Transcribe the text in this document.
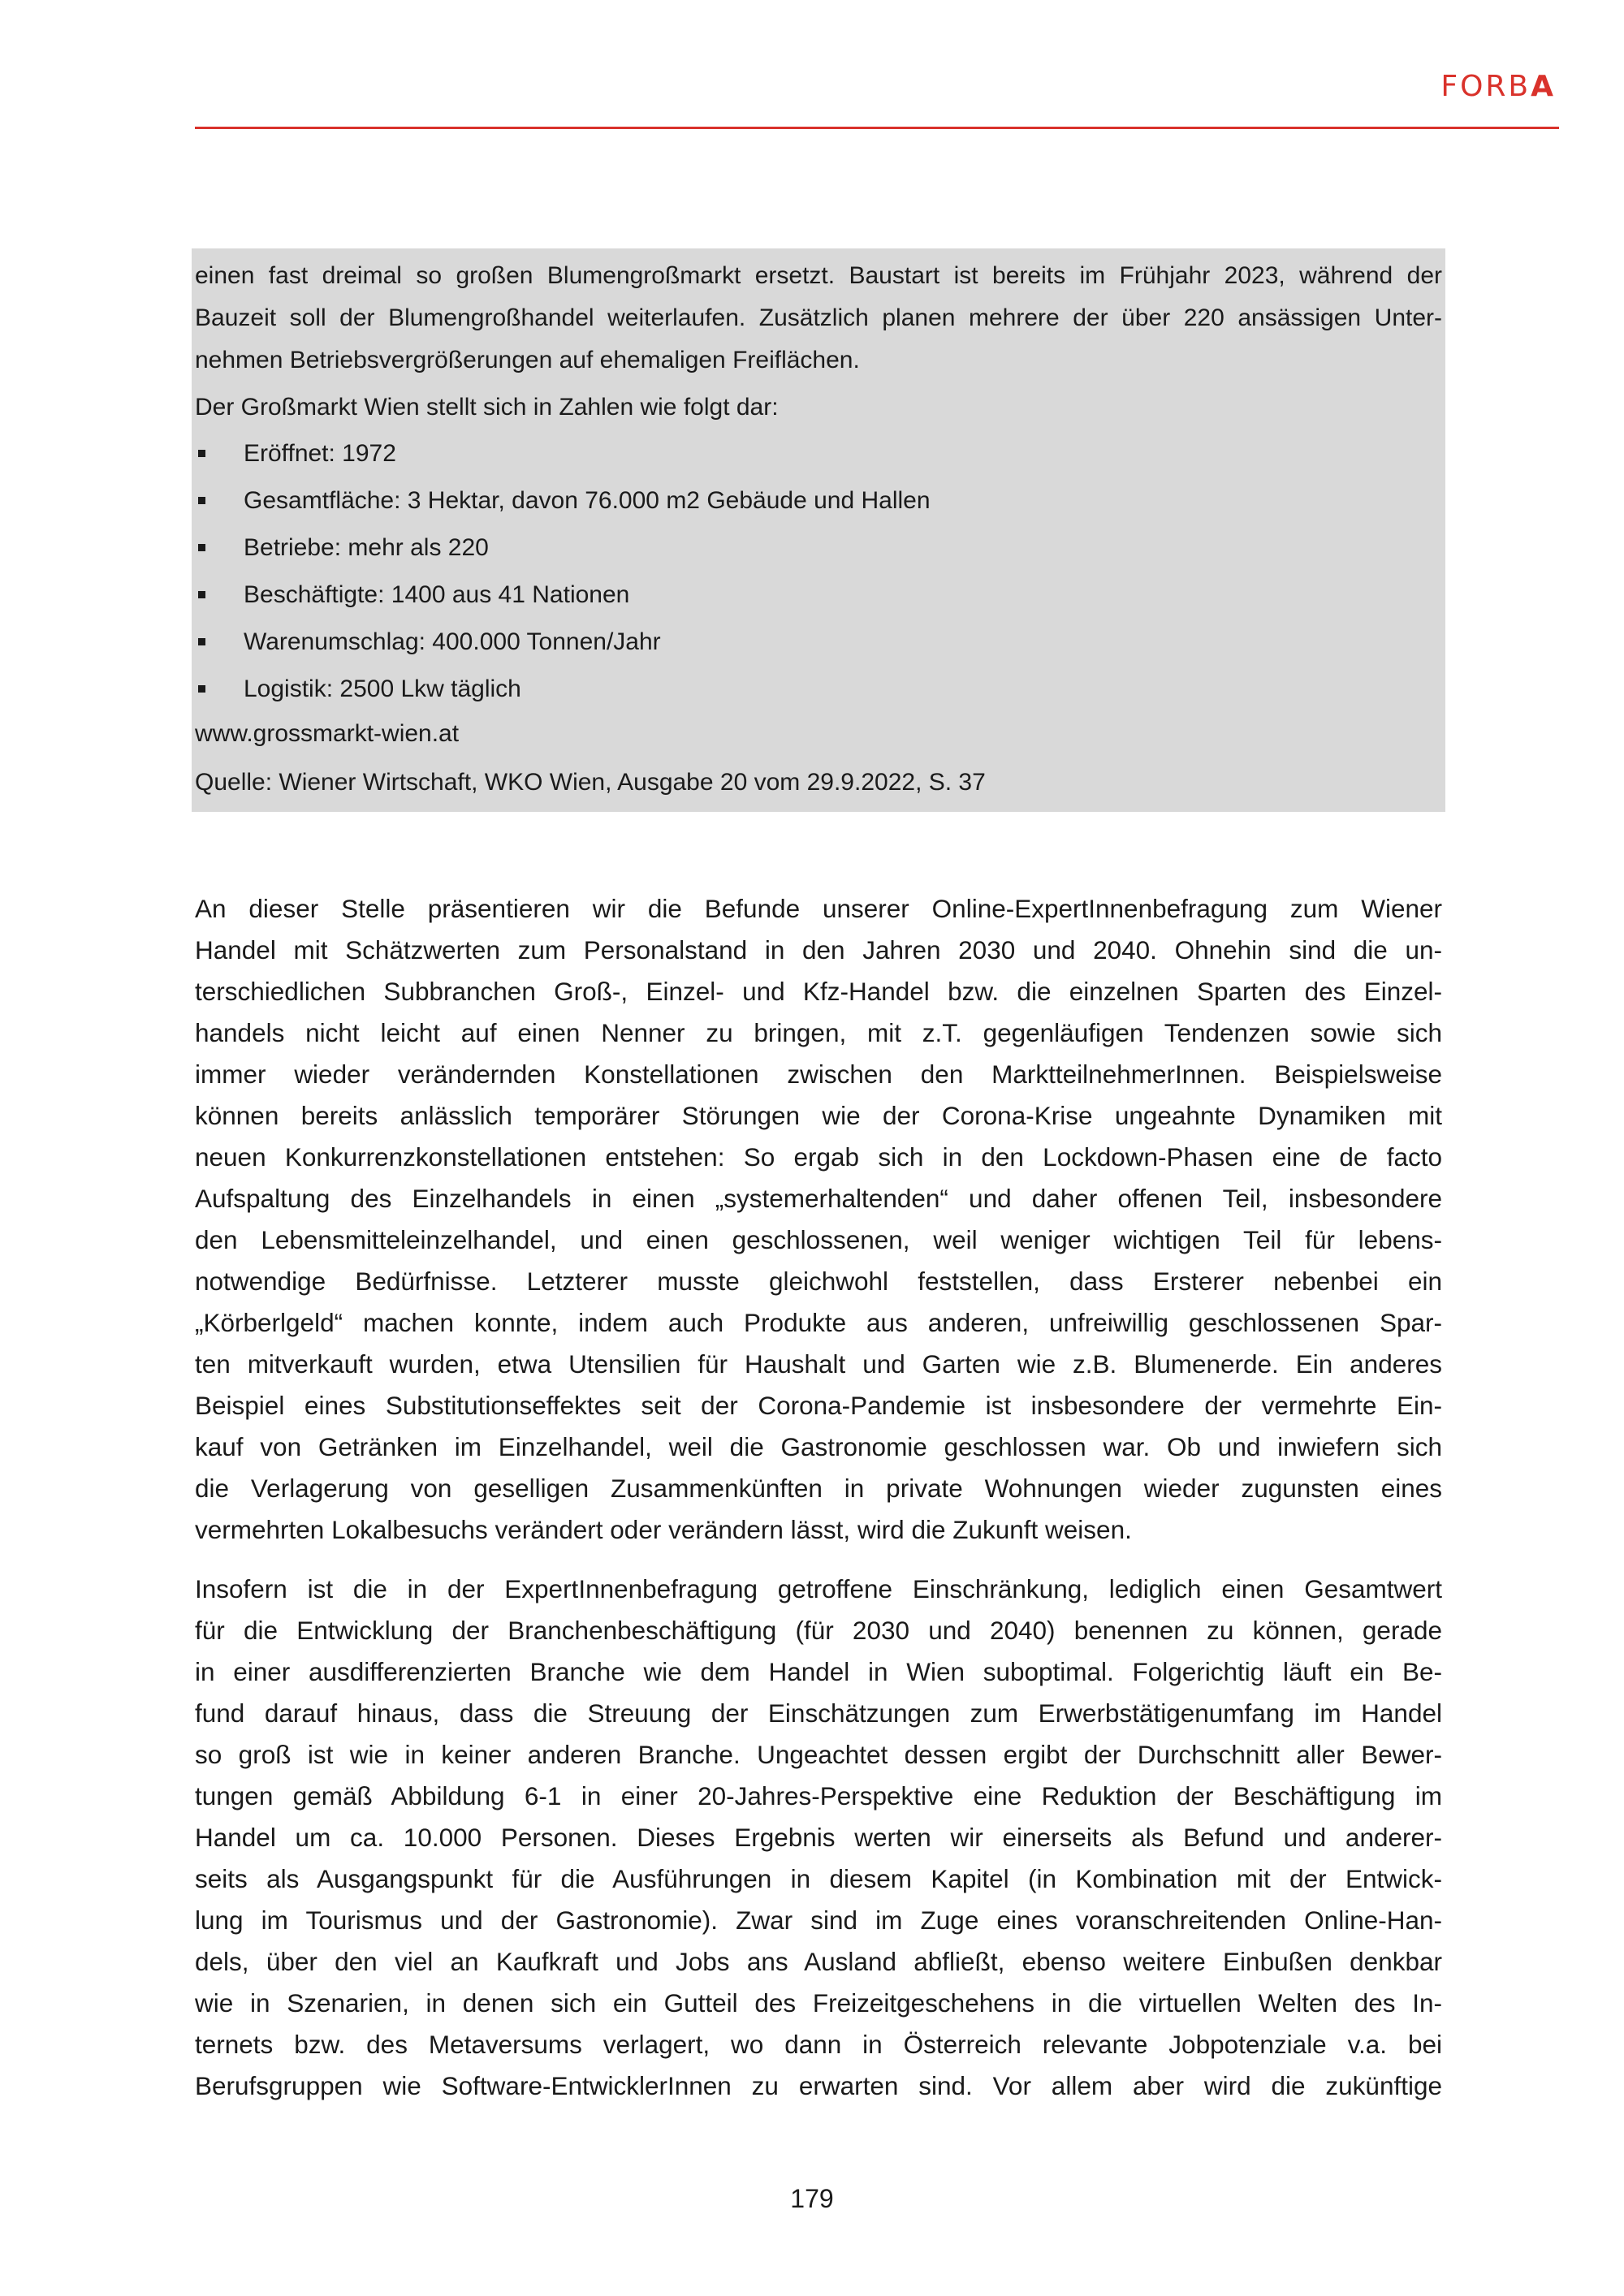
FORBA

einen fast dreimal so großen Blumengroßmarkt ersetzt. Baustart ist bereits im Frühjahr 2023, während der

Bauzeit soll der Blumengroßhandel weiterlaufen. Zusätzlich planen mehrere der über 220 ansässigen Unter-

nehmen Betriebsvergrößerungen auf ehemaligen Freiflächen.

Der Großmarkt Wien stellt sich in Zahlen wie folgt dar:

Eröffnet: 1972
Gesamtfläche: 3 Hektar, davon 76.000 m2 Gebäude und Hallen
Betriebe: mehr als 220
Beschäftigte: 1400 aus 41 Nationen
Warenumschlag: 400.000 Tonnen/Jahr
Logistik: 2500 Lkw täglich

www.grossmarkt-wien.at

Quelle: Wiener Wirtschaft, WKO Wien, Ausgabe 20 vom 29.9.2022, S. 37

An dieser Stelle präsentieren wir die Befunde unserer Online-ExpertInnenbefragung zum Wiener
Handel mit Schätzwerten zum Personalstand in den Jahren 2030 und 2040. Ohnehin sind die un-
terschiedlichen Subbranchen Groß-, Einzel- und Kfz-Handel bzw. die einzelnen Sparten des Einzel-
handels nicht leicht auf einen Nenner zu bringen, mit z.T. gegenläufigen Tendenzen sowie sich
immer wieder verändernden Konstellationen zwischen den MarktteilnehmerInnen. Beispielsweise
können bereits anlässlich temporärer Störungen wie der Corona-Krise ungeahnte Dynamiken mit
neuen Konkurrenzkonstellationen entstehen: So ergab sich in den Lockdown-Phasen eine de facto
Aufspaltung des Einzelhandels in einen „systemerhaltenden“ und daher offenen Teil, insbesondere
den Lebensmitteleinzelhandel, und einen geschlossenen, weil weniger wichtigen Teil für lebens-
notwendige Bedürfnisse. Letzterer musste gleichwohl feststellen, dass Ersterer nebenbei ein
„Körberlgeld“ machen konnte, indem auch Produkte aus anderen, unfreiwillig geschlossenen Spar-
ten mitverkauft wurden, etwa Utensilien für Haushalt und Garten wie z.B. Blumenerde. Ein anderes
Beispiel eines Substitutionseffektes seit der Corona-Pandemie ist insbesondere der vermehrte Ein-
kauf von Getränken im Einzelhandel, weil die Gastronomie geschlossen war. Ob und inwiefern sich
die Verlagerung von geselligen Zusammenkünften in private Wohnungen wieder zugunsten eines
vermehrten Lokalbesuchs verändert oder verändern lässt, wird die Zukunft weisen.
Insofern ist die in der ExpertInnenbefragung getroffene Einschränkung, lediglich einen Gesamtwert
für die Entwicklung der Branchenbeschäftigung (für 2030 und 2040) benennen zu können, gerade
in einer ausdifferenzierten Branche wie dem Handel in Wien suboptimal. Folgerichtig läuft ein Be-
fund darauf hinaus, dass die Streuung der Einschätzungen zum Erwerbstätigenumfang im Handel
so groß ist wie in keiner anderen Branche. Ungeachtet dessen ergibt der Durchschnitt aller Bewer-
tungen gemäß Abbildung 6-1 in einer 20-Jahres-Perspektive eine Reduktion der Beschäftigung im
Handel um ca. 10.000 Personen. Dieses Ergebnis werten wir einerseits als Befund und anderer-
seits als Ausgangspunkt für die Ausführungen in diesem Kapitel (in Kombination mit der Entwick-
lung im Tourismus und der Gastronomie). Zwar sind im Zuge eines voranschreitenden Online-Han-
dels, über den viel an Kaufkraft und Jobs ans Ausland abfließt, ebenso weitere Einbußen denkbar
wie in Szenarien, in denen sich ein Gutteil des Freizeitgeschehens in die virtuellen Welten des In-
ternets bzw. des Metaversums verlagert, wo dann in Österreich relevante Jobpotenziale v.a. bei
Berufsgruppen wie Software-EntwicklerInnen zu erwarten sind. Vor allem aber wird die zukünftige
179
